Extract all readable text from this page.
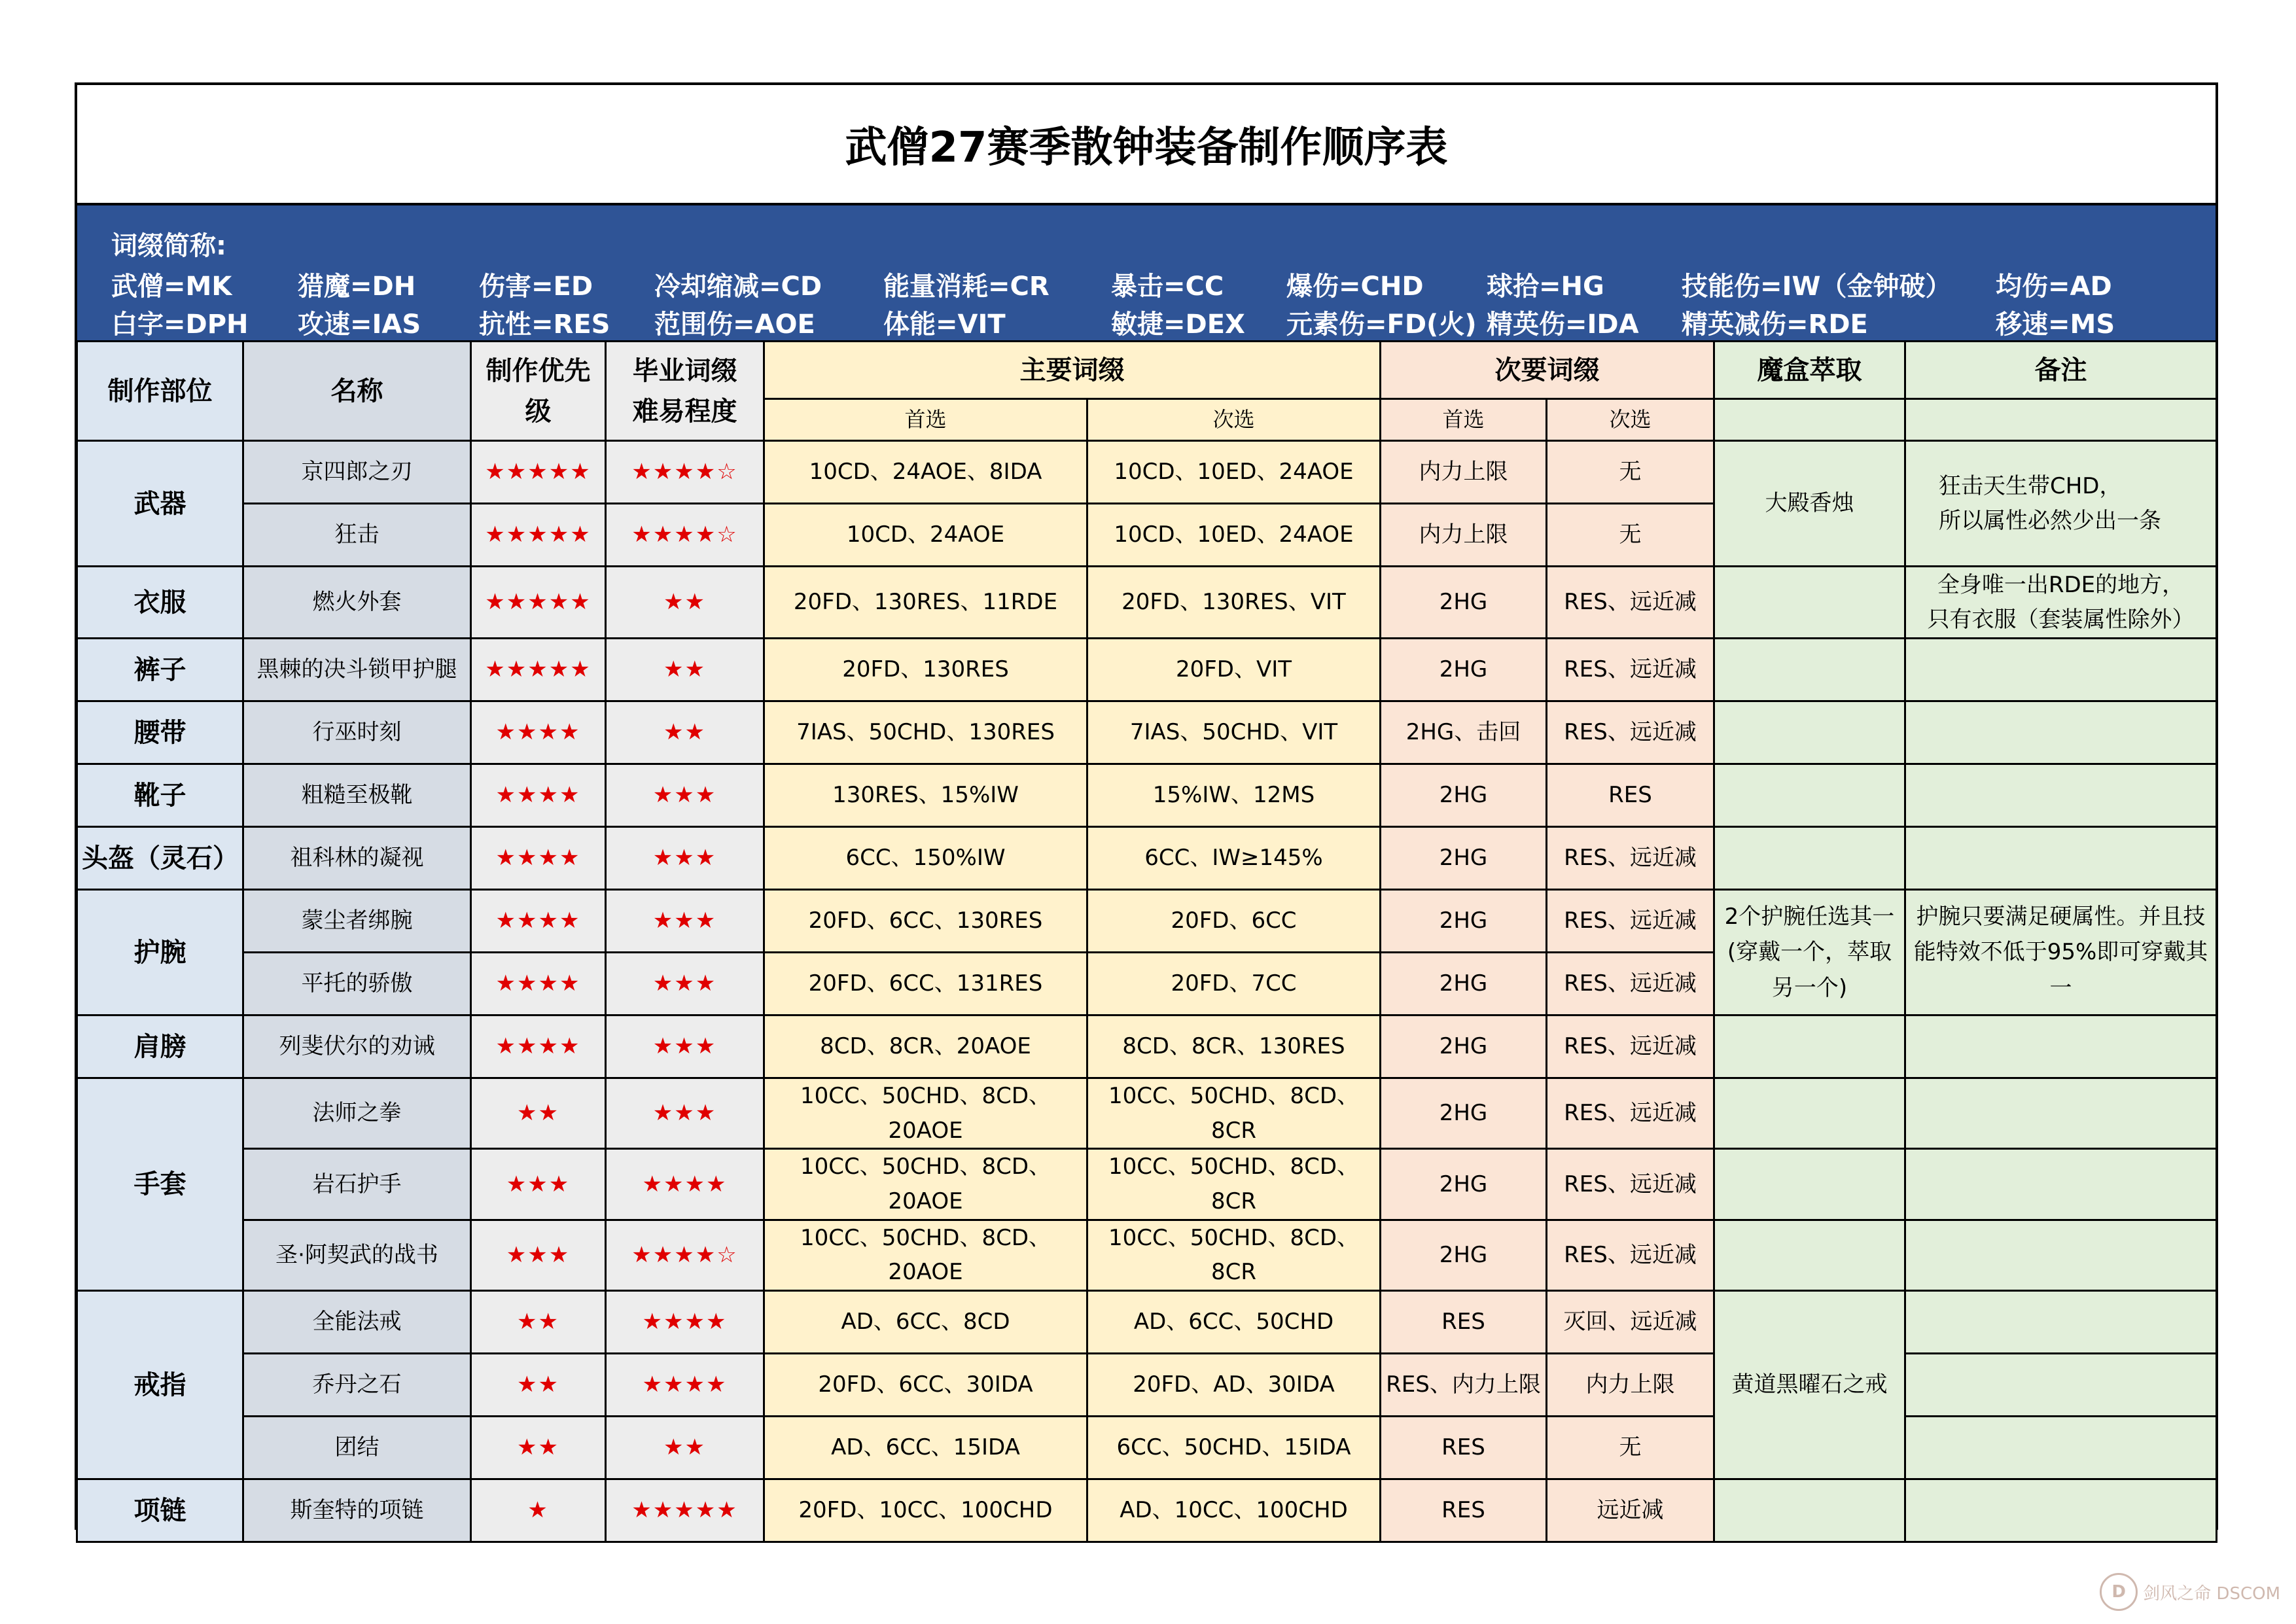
武僧27赛季散钟装备制作顺序表
词缀简称:
武僧=MK	猎魔=DH 伤害=ED 冷却缩减=CD 能量消耗=CR 暴击=CC 爆伤=CHD 球拾=HG	技能伤=IW（金钟破） 均伤=AD
白字=DPH 攻速=IAS 抗性=RES 范围伤=AOE	体能=VIT	敏捷=DEX 元素伤=FD(火) 精英伤=IDA 精英减伤=RDE	移速=MS
制作部位	名称	制作优先级	毕业词缀
难易程度	主要词缀		次要词缀		魔盒萃取	备注
				首选	次选	首选	次选		
武器	京四郎之刃	★★★★★	★★★★☆	10CD、24AOE、8IDA	10CD、10ED、24AOE	内力上限	无	大殿香烛	狂击天生带CHD，
所以属性必然少出一条

	狂击	★★★★★	★★★★☆	10CD、24AOE	10CD、10ED、24AOE	内力上限	无		
衣服	燃火外套	★★★★★	★★	20FD、130RES、11RDE	20FD、130RES、VIT	2HG	RES、远近减		全身唯一出RDE的地方，
只有衣服（套装属性除外）

裤子	黑棘的决斗锁甲护腿	★★★★★	★★	20FD、130RES	20FD、VIT	2HG	RES、远近减		
腰带	行巫时刻	★★★★	★★	7IAS、50CHD、130RES	7IAS、50CHD、VIT	2HG、击回	RES、远近减		
靴子	粗糙至极靴	★★★★	★★★	130RES、15%IW	15%IW、12MS	2HG	RES		
头盔（灵石）	祖科林的凝视	★★★★	★★★	6CC、150%IW	6CC、IW≥145%	2HG	RES、远近减		
护腕	蒙尘者绑腕	★★★★	★★★	20FD、6CC、130RES	20FD、6CC	2HG	RES、远近减	2个护腕任选其一(穿戴一个，萃取另一个)	护腕只要满足硬属性。并且技能特效不低于95%即可穿戴其一
	平托的骄傲	★★★★	★★★	20FD、6CC、131RES	20FD、7CC	2HG	RES、远近减		
肩膀	列斐伏尔的劝诫	★★★★	★★★	8CD、8CR、20AOE	8CD、8CR、130RES	2HG	RES、远近减		
手套	法师之拳	★★	★★★	10CC、50CHD、8CD、20AOE	10CC、50CHD、8CD、8CR	2HG	RES、远近减		
	岩石护手	★★★	★★★★	10CC、50CHD、8CD、20AOE	10CC、50CHD、8CD、8CR	2HG	RES、远近减		
	圣·阿契武的战书	★★★	★★★★☆	10CC、50CHD、8CD、20AOE	10CC、50CHD、8CD、8CR	2HG	RES、远近减		
戒指	全能法戒	★★	★★★★	AD、6CC、8CD	AD、6CC、50CHD	RES	灭回、远近减	黄道黑曜石之戒	
	乔丹之石	★★	★★★★	20FD、6CC、30IDA	20FD、AD、30IDA	RES、内力上限	内力上限		
	团结	★★	★★	AD、6CC、15IDA	6CC、50CHD、15IDA	RES	无		
项链	斯奎特的项链	★	★★★★★	20FD、10CC、100CHD	AD、10CC、100CHD	RES	远近减		
D	剑风之命 DSCOM
